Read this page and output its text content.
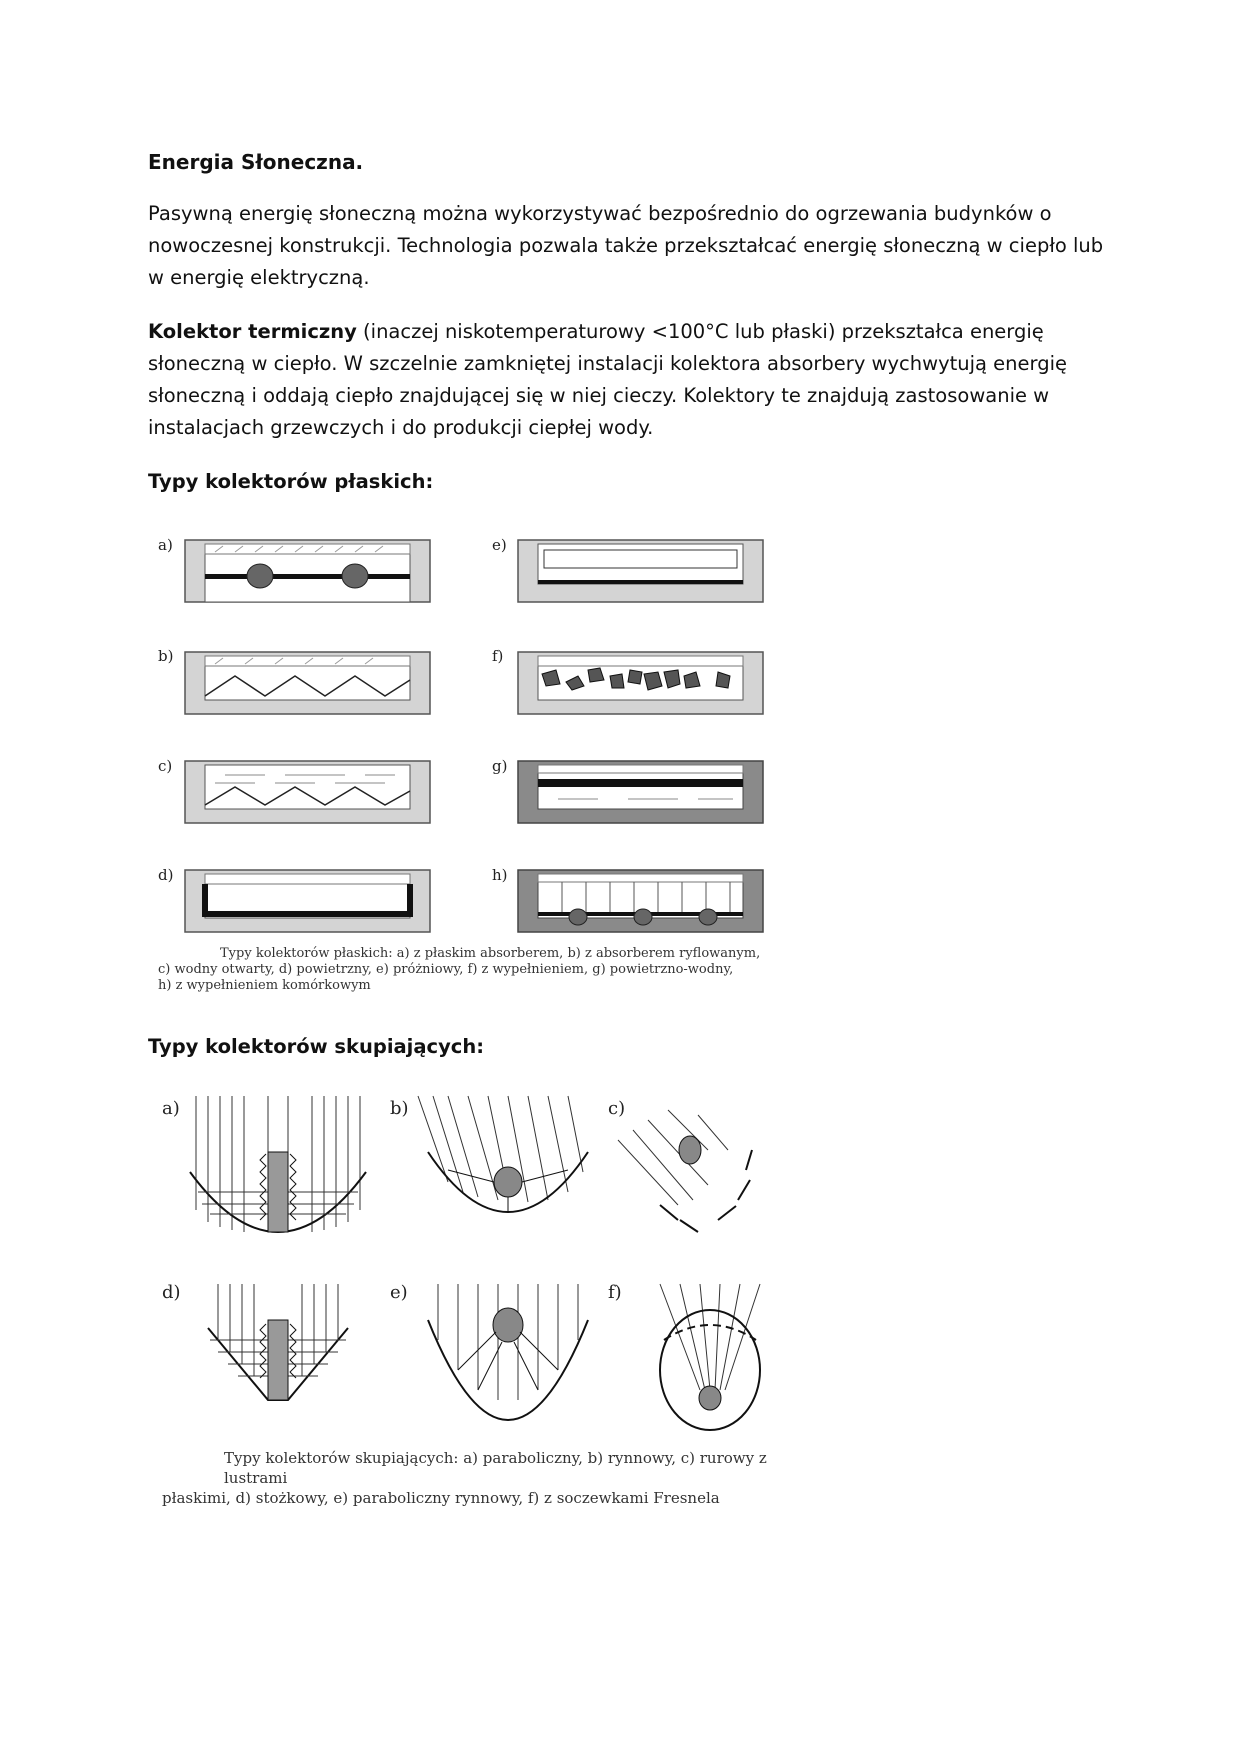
Energia Słoneczna.

Pasywną energię słoneczną można wykorzystywać bezpośrednio do ogrzewania budynków o nowoczesnej konstrukcji. Technologia pozwala także przekształcać energię słoneczną w ciepło lub w energię elektryczną.

Kolektor termiczny (inaczej niskotemperaturowy <100°C lub płaski) przekształca energię słoneczną w ciepło. W szczelnie zamkniętej instalacji kolektora absorbery wychwytują energię słoneczną i oddają ciepło znajdującej się w niej cieczy. Kolektory te znajdują zastosowanie w instalacjach grzewczych i do produkcji ciepłej wody.

Typy kolektorów płaskich:
a)
b)
c)
d)
e)
f)
g)
h)
Typy kolektorów płaskich: a) z płaskim absorberem, b) z absorberem ryflowanym,
c) wodny otwarty, d) powietrzny, e) próżniowy, f) z wypełnieniem, g) powietrzno-wodny,
h) z wypełnieniem komórkowym
Typy kolektorów skupiających:
a)	b)	c)
d)	e)	f)
Typy kolektorów skupiających: a) paraboliczny, b) rynnowy, c) rurowy z lustrami
płaskimi, d) stożkowy, e) paraboliczny rynnowy, f) z soczewkami Fresnela
